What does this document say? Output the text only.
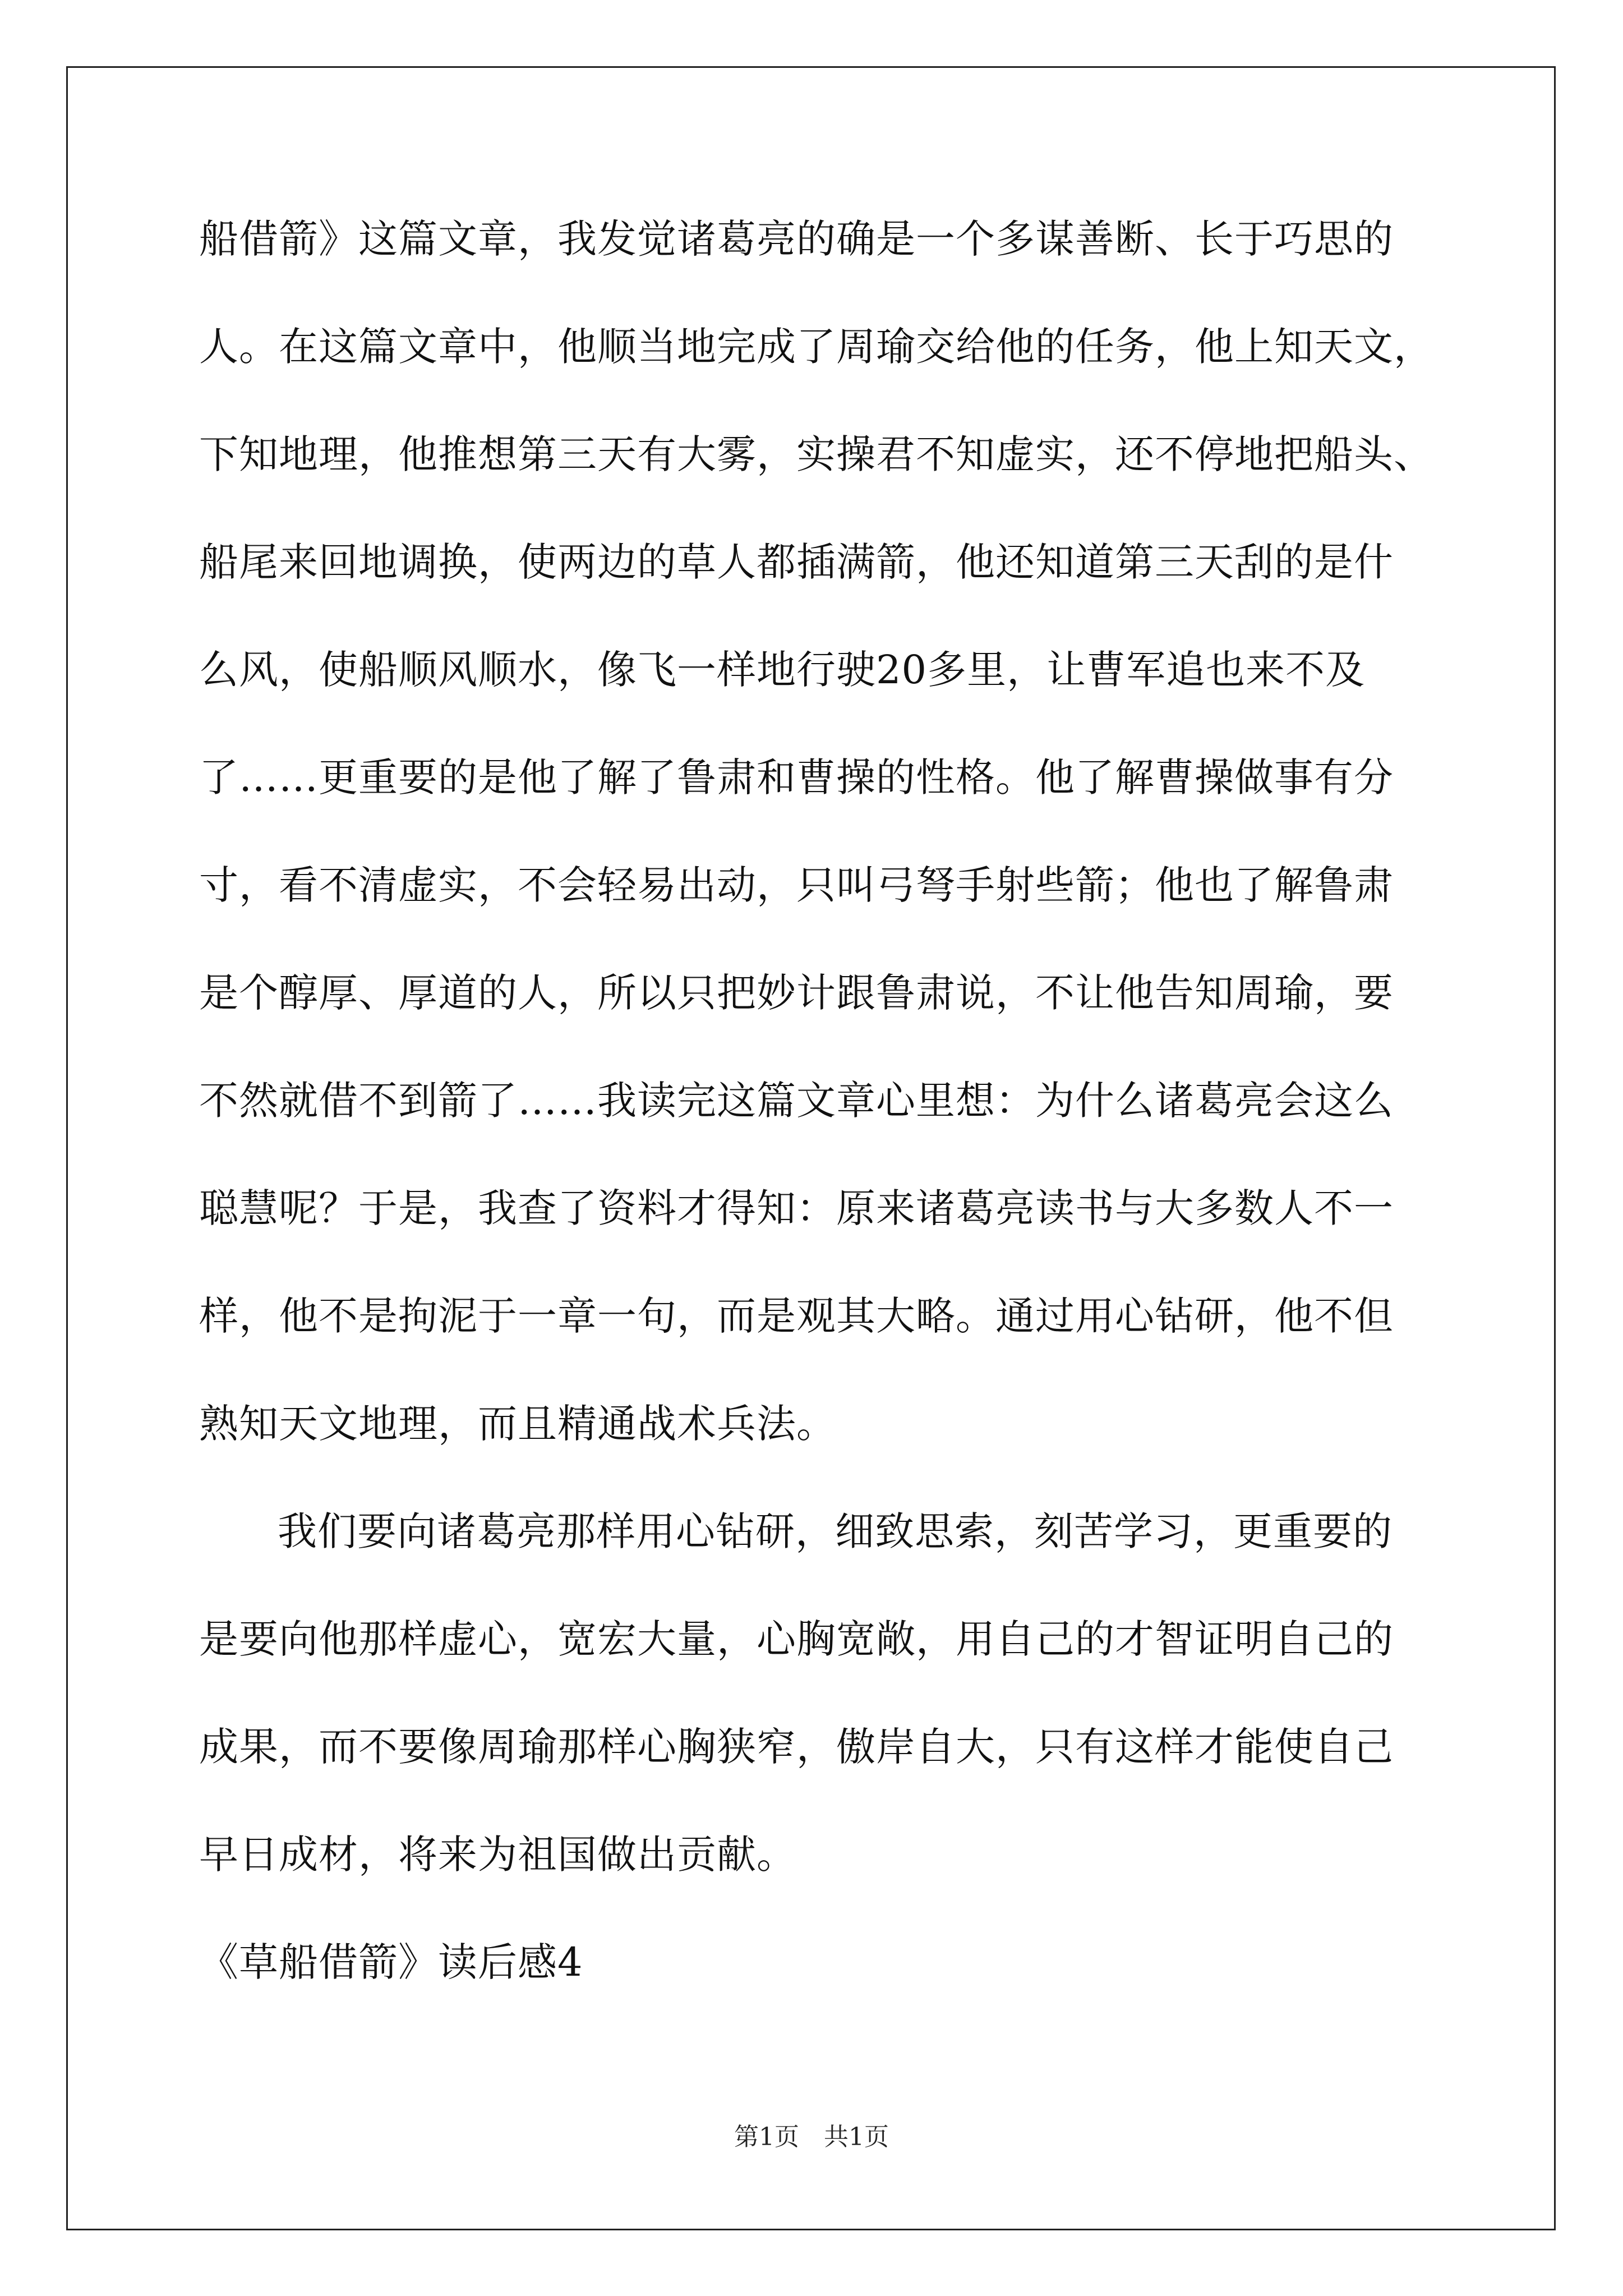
船借箭》这篇文章，我发觉诸葛亮的确是一个多谋善断、长于巧思的
人。在这篇文章中，他顺当地完成了周瑜交给他的任务，他上知天文，
下知地理，他推想第三天有大雾，实操君不知虚实，还不停地把船头、
船尾来回地调换，使两边的草人都插满箭，他还知道第三天刮的是什
么风，使船顺风顺水，像飞一样地行驶20多里，让曹军追也来不及
了……更重要的是他了解了鲁肃和曹操的性格。他了解曹操做事有分
寸，看不清虚实，不会轻易出动，只叫弓弩手射些箭；他也了解鲁肃
是个醇厚、厚道的人，所以只把妙计跟鲁肃说，不让他告知周瑜，要
不然就借不到箭了……我读完这篇文章心里想：为什么诸葛亮会这么
聪慧呢？于是，我查了资料才得知：原来诸葛亮读书与大多数人不一
样，他不是拘泥于一章一句，而是观其大略。通过用心钻研，他不但
熟知天文地理，而且精通战术兵法。
我们要向诸葛亮那样用心钻研，细致思索，刻苦学习，更重要的
是要向他那样虚心，宽宏大量，心胸宽敞，用自己的才智证明自己的
成果，而不要像周瑜那样心胸狭窄，傲岸自大，只有这样才能使自己
早日成材，将来为祖国做出贡献。
《草船借箭》读后感4
第1页　共1页
